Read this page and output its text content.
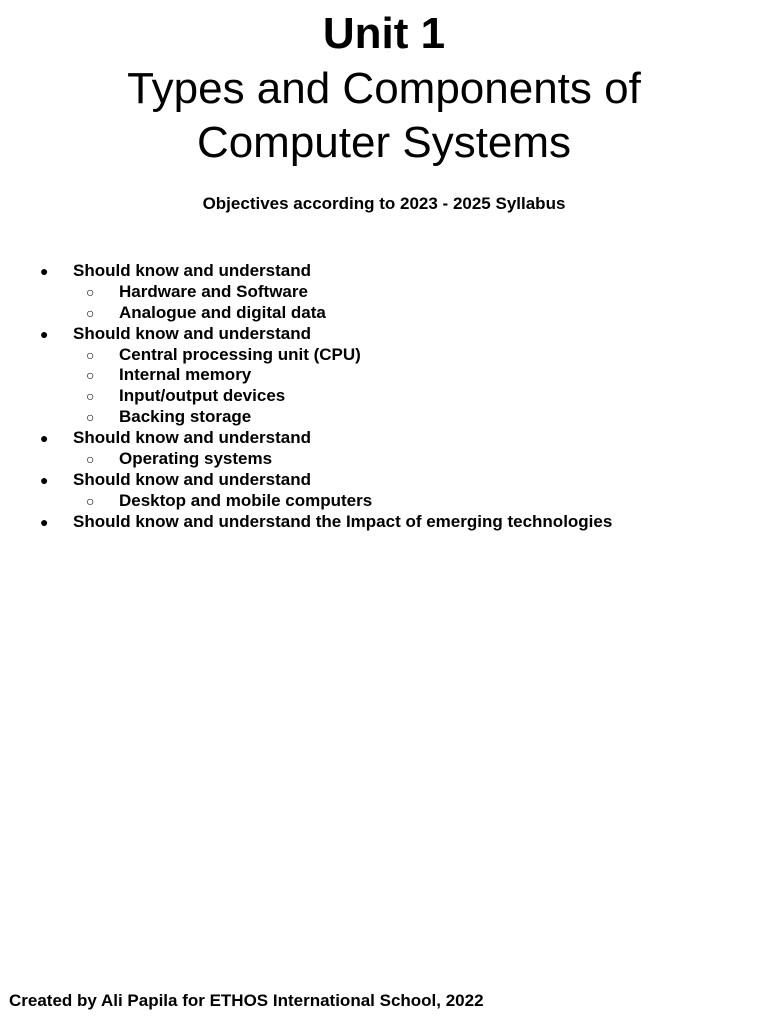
Unit 1
Types and Components of
Computer Systems

Objectives according to 2023 - 2025 Syllabus

● Should know and understand
○ Hardware and Software
○ Analogue and digital data
● Should know and understand
○ Central processing unit (CPU)
○ Internal memory
○ Input/output devices
○ Backing storage
● Should know and understand
○ Operating systems
● Should know and understand
○ Desktop and mobile computers
● Should know and understand the Impact of emerging technologies

Created by Ali Papila for ETHOS International School, 2022
